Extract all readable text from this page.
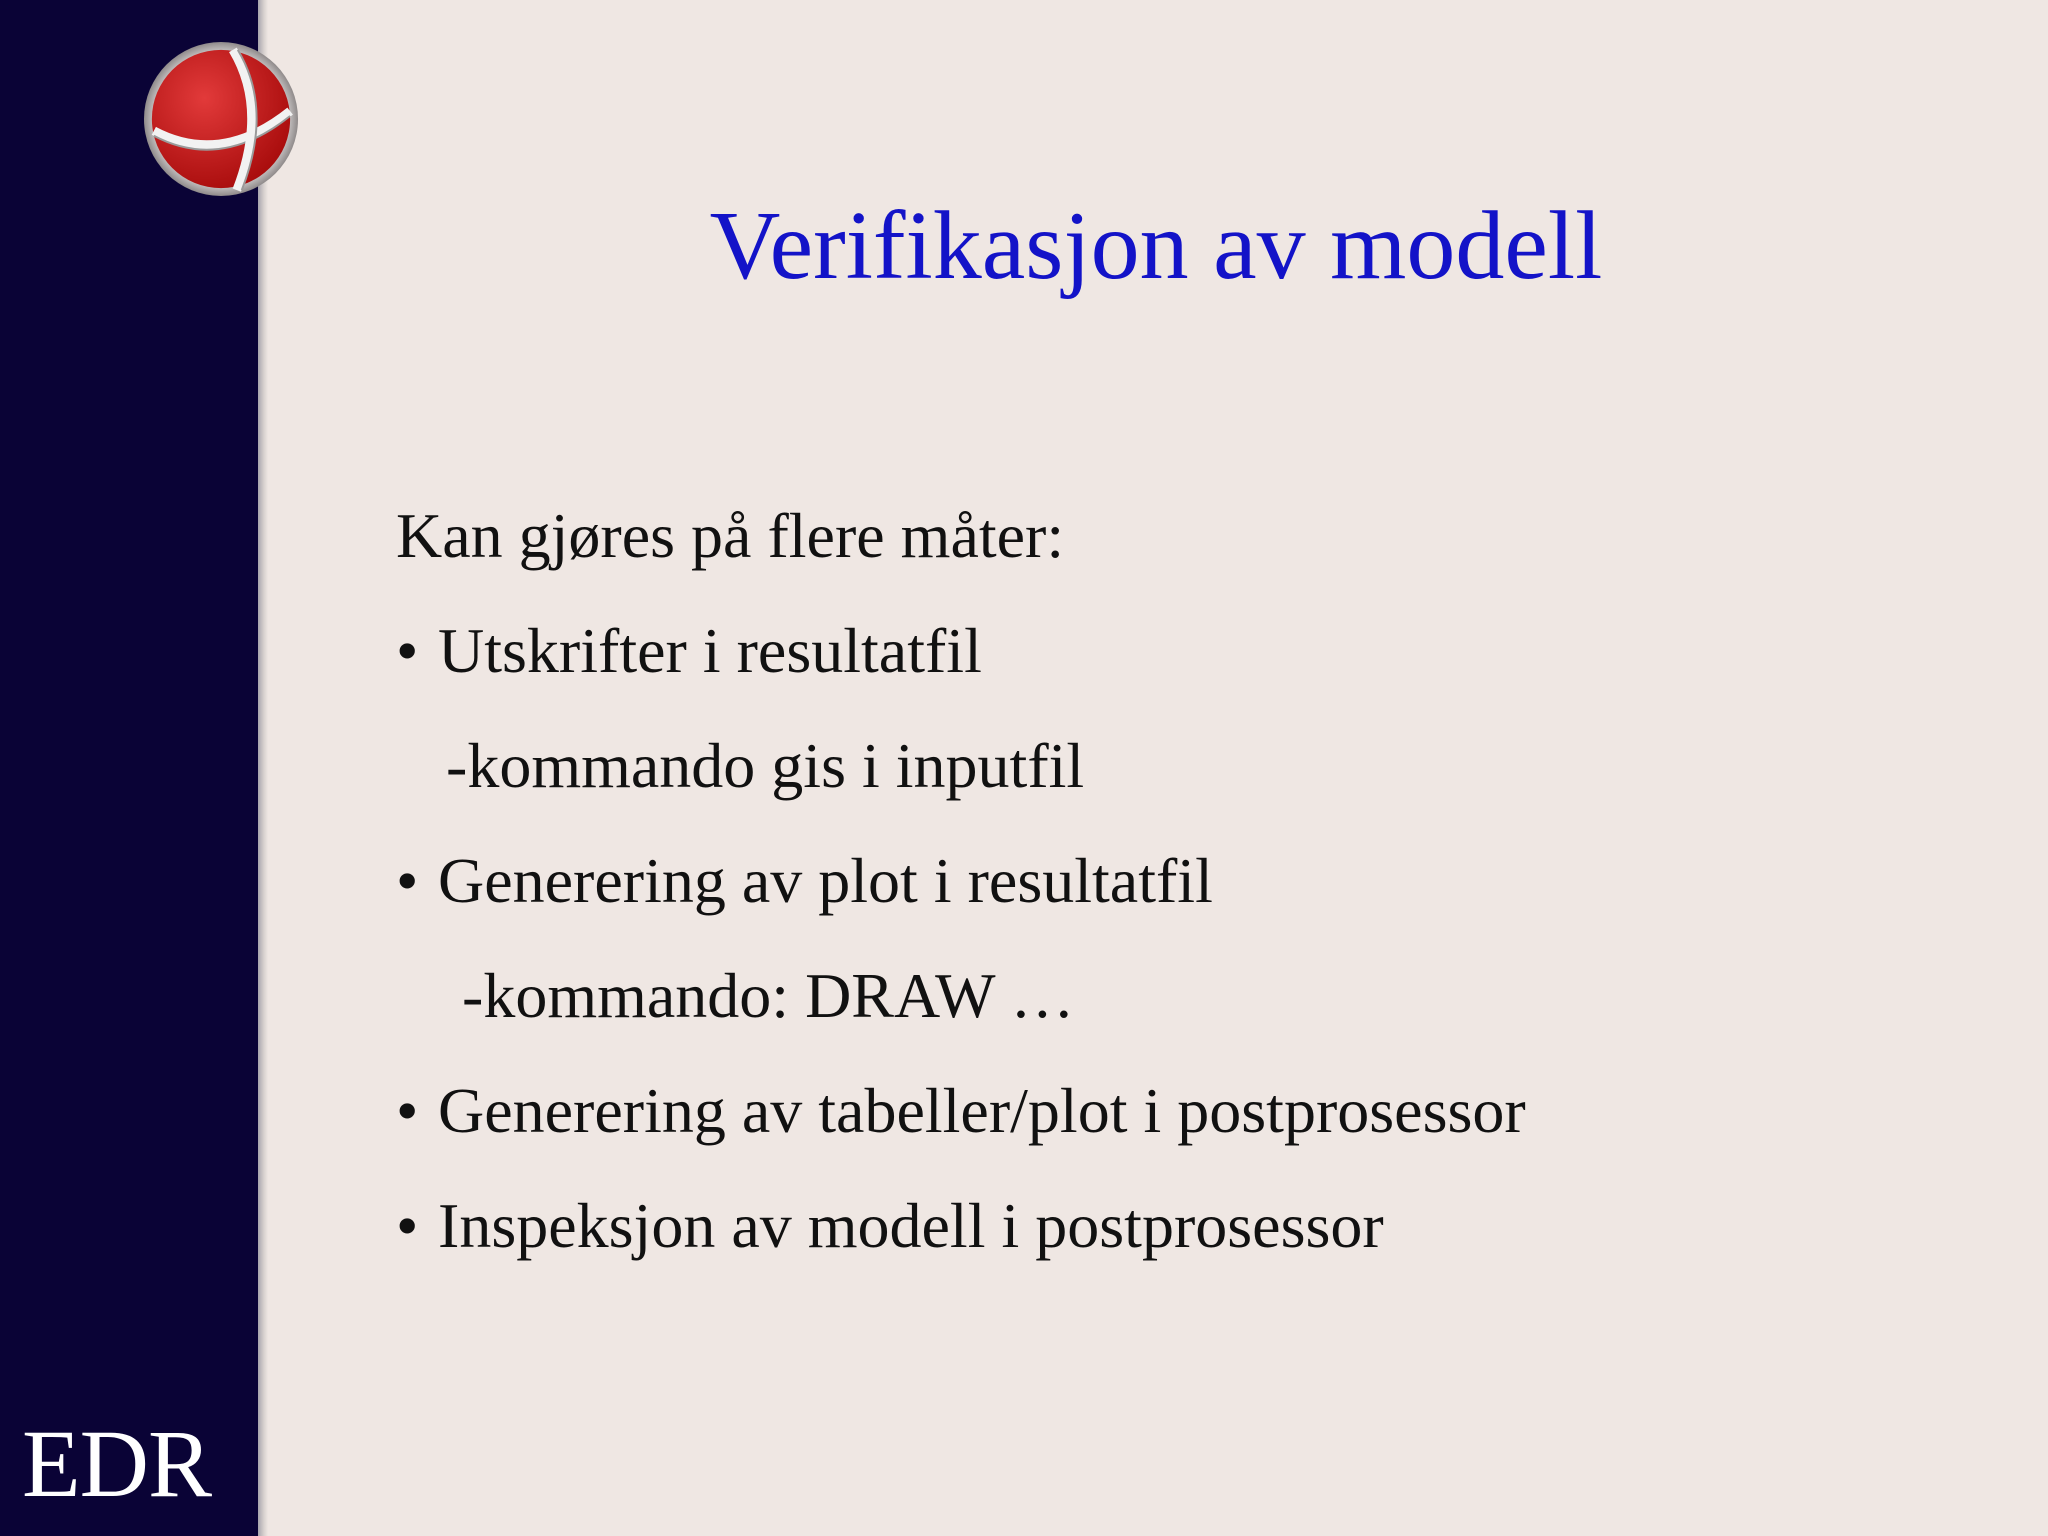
EDR
Verifikasjon av modell
Kan gjøres på flere måter:
• Utskrifter i resultatfil
-kommando gis i inputfil
• Generering av plot i resultatfil
-kommando: DRAW …
• Generering av tabeller/plot i postprosessor
• Inspeksjon av modell i postprosessor
